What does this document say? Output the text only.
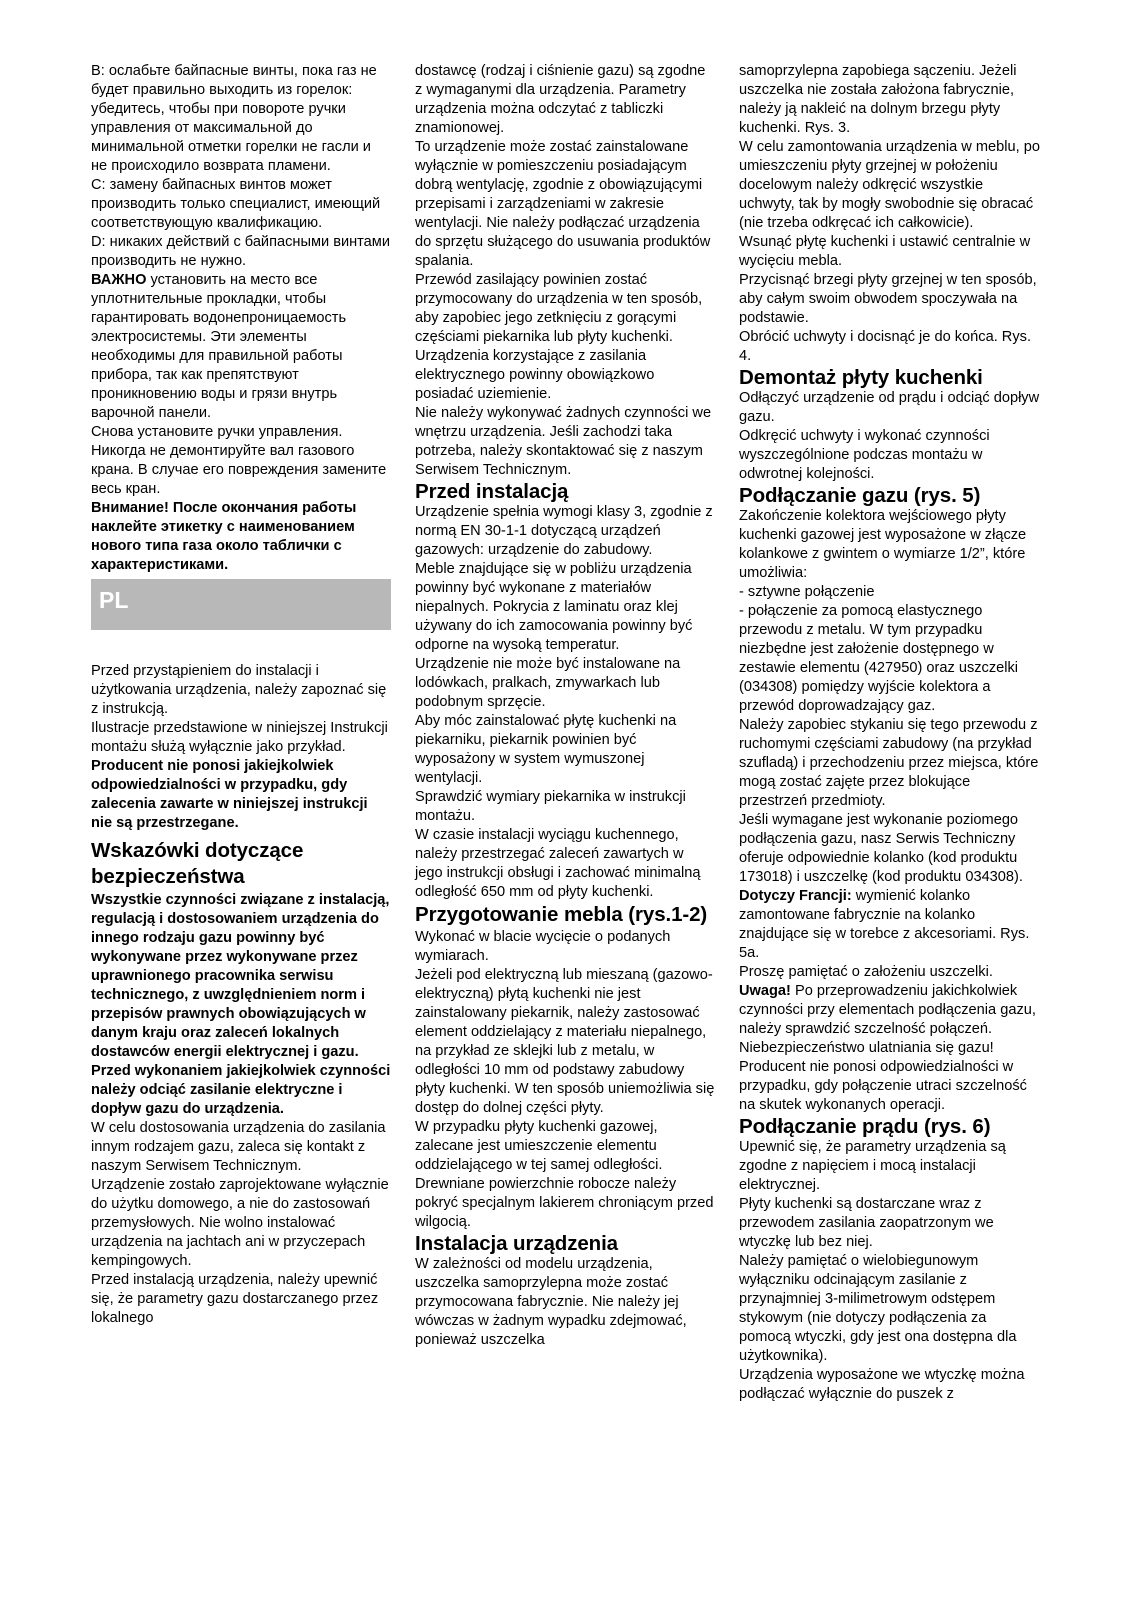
В: ослабьте байпасные винты, пока газ не будет правильно выходить из горелок:

убедитесь, чтобы при повороте ручки управления от максимальной до минимальной отметки горелки не гасли и не происходило возврата пламени.

С: замену байпасных винтов может производить только специалист, имеющий соответствующую квалификацию.

D: никаких действий с байпасными винтами производить не нужно.

ВАЖНО установить на место все уплотнительные прокладки, чтобы гарантировать водонепроницаемость электросистемы. Эти элементы необходимы для правильной работы прибора, так как препятствуют проникновению воды и грязи внутрь варочной панели.

Снова установите ручки управления. Никогда не демонтируйте вал газового крана. В случае его повреждения замените весь кран.

Внимание! После окончания работы наклейте этикетку с наименованием нового типа газа около таблички с характеристиками.

PL

Przed przystąpieniem do instalacji i użytkowania urządzenia, należy zapoznać się z instrukcją.

Ilustracje przedstawione w niniejszej Instrukcji montażu służą wyłącznie jako przykład.

Producent nie ponosi jakiejkolwiek odpowiedzialności w przypadku, gdy zalecenia zawarte w niniejszej instrukcji nie są przestrzegane.

Wskazówki dotyczące bezpieczeństwa

Wszystkie czynności związane z instalacją, regulacją i dostosowaniem urządzenia do innego rodzaju gazu powinny być wykonywane przez wykonywane przez uprawnionego pracownika serwisu technicznego, z uwzględnieniem norm i przepisów prawnych obowiązujących w danym kraju oraz zaleceń lokalnych dostawców energii elektrycznej i gazu.

Przed wykonaniem jakiejkolwiek czynności należy odciąć zasilanie elektryczne i dopływ gazu do urządzenia.

W celu dostosowania urządzenia do zasilania innym rodzajem gazu, zaleca się kontakt z naszym Serwisem Technicznym.

Urządzenie zostało zaprojektowane wyłącznie do użytku domowego, a nie do zastosowań przemysłowych. Nie wolno instalować urządzenia na jachtach ani w przyczepach kempingowych.

Przed instalacją urządzenia, należy upewnić się, że parametry gazu dostarczanego przez lokalnego

dostawcę (rodzaj i ciśnienie gazu) są zgodne z wymaganymi dla urządzenia. Parametry urządzenia można odczytać z tabliczki znamionowej.

To urządzenie może zostać zainstalowane wyłącznie w pomieszczeniu posiadającym dobrą wentylację, zgodnie z obowiązującymi przepisami i zarządzeniami w zakresie wentylacji. Nie należy podłączać urządzenia do sprzętu służącego do usuwania produktów spalania.

Przewód zasilający powinien zostać przymocowany do urządzenia w ten sposób, aby zapobiec jego zetknięciu z gorącymi częściami piekarnika lub płyty kuchenki.

Urządzenia korzystające z zasilania elektrycznego powinny obowiązkowo posiadać uziemienie.

Nie należy wykonywać żadnych czynności we wnętrzu urządzenia. Jeśli zachodzi taka potrzeba, należy skontaktować się z naszym Serwisem Technicznym.

Przed instalacją

Urządzenie spełnia wymogi klasy 3, zgodnie z normą EN 30-1-1 dotyczącą urządzeń gazowych: urządzenie do zabudowy.

Meble znajdujące się w pobliżu urządzenia powinny być wykonane z materiałów niepalnych. Pokrycia z laminatu oraz klej używany do ich zamocowania powinny być odporne na wysoką temperatur.

Urządzenie nie może być instalowane na lodówkach, pralkach, zmywarkach lub podobnym sprzęcie.

Aby móc zainstalować płytę kuchenki na piekarniku, piekarnik powinien być wyposażony w system wymuszonej wentylacji.

Sprawdzić wymiary piekarnika w instrukcji montażu.

W czasie instalacji wyciągu kuchennego, należy przestrzegać zaleceń zawartych w jego instrukcji obsługi i zachować minimalną odległość 650 mm od płyty kuchenki.

Przygotowanie mebla (rys.1-2)

Wykonać w blacie wycięcie o podanych wymiarach.

Jeżeli pod elektryczną lub mieszaną (gazowo-elektryczną) płytą kuchenki nie jest zainstalowany piekarnik, należy zastosować element oddzielający z materiału niepalnego, na przykład ze sklejki lub z metalu, w odległości 10 mm od podstawy zabudowy płyty kuchenki. W ten sposób uniemożliwia się dostęp do dolnej części płyty.

W przypadku płyty kuchenki gazowej, zalecane jest umieszczenie elementu oddzielającego w tej samej odległości. Drewniane powierzchnie robocze należy pokryć specjalnym lakierem chroniącym przed wilgocią.

Instalacja urządzenia

W zależności od modelu urządzenia, uszczelka samoprzylepna może zostać przymocowana fabrycznie. Nie należy jej wówczas w żadnym wypadku zdejmować, ponieważ uszczelka

samoprzylepna zapobiega sączeniu. Jeżeli uszczelka nie została założona fabrycznie, należy ją nakleić na dolnym brzegu płyty kuchenki. Rys. 3.

W celu zamontowania urządzenia w meblu, po umieszczeniu płyty grzejnej w położeniu docelowym należy odkręcić wszystkie uchwyty, tak by mogły swobodnie się obracać (nie trzeba odkręcać ich całkowicie).

Wsunąć płytę kuchenki i ustawić centralnie w wycięciu mebla.

Przycisnąć brzegi płyty grzejnej w ten sposób, aby całym swoim obwodem spoczywała na podstawie.

Obrócić uchwyty i docisnąć je do końca. Rys. 4.

Demontaż płyty kuchenki

Odłączyć urządzenie od prądu i odciąć dopływ gazu.

Odkręcić uchwyty i wykonać czynności wyszczególnione podczas montażu w odwrotnej kolejności.

Podłączanie gazu (rys. 5)

Zakończenie kolektora wejściowego płyty kuchenki gazowej jest wyposażone w złącze kolankowe z gwintem o wymiarze 1/2”, które umożliwia:

- sztywne połączenie

- połączenie za pomocą elastycznego przewodu z metalu. W tym przypadku niezbędne jest założenie dostępnego w zestawie elementu (427950) oraz uszczelki (034308) pomiędzy wyjście kolektora a przewód doprowadzający gaz.

Należy zapobiec stykaniu się tego przewodu z ruchomymi częściami zabudowy (na przykład szufladą) i przechodzeniu przez miejsca, które mogą zostać zajęte przez blokujące przestrzeń przedmioty.

Jeśli wymagane jest wykonanie poziomego podłączenia gazu, nasz Serwis Techniczny oferuje odpowiednie kolanko (kod produktu 173018) i uszczelkę (kod produktu 034308).

Dotyczy Francji: wymienić kolanko zamontowane fabrycznie na kolanko znajdujące się w torebce z akcesoriami. Rys. 5a.

Proszę pamiętać o założeniu uszczelki.

Uwaga! Po przeprowadzeniu jakichkolwiek czynności przy elementach podłączenia gazu, należy sprawdzić szczelność połączeń. Niebezpieczeństwo ulatniania się gazu! Producent nie ponosi odpowiedzialności w przypadku, gdy połączenie utraci szczelność na skutek wykonanych operacji.

Podłączanie prądu (rys. 6)

Upewnić się, że parametry urządzenia są zgodne z napięciem i mocą instalacji elektrycznej.

Płyty kuchenki są dostarczane wraz z przewodem zasilania zaopatrzonym we wtyczkę lub bez niej.

Należy pamiętać o wielobiegunowym wyłączniku odcinającym zasilanie z przynajmniej 3-milimetrowym odstępem stykowym (nie dotyczy podłączenia za pomocą wtyczki, gdy jest ona dostępna dla użytkownika).

Urządzenia wyposażone we wtyczkę można podłączać wyłącznie do puszek z
